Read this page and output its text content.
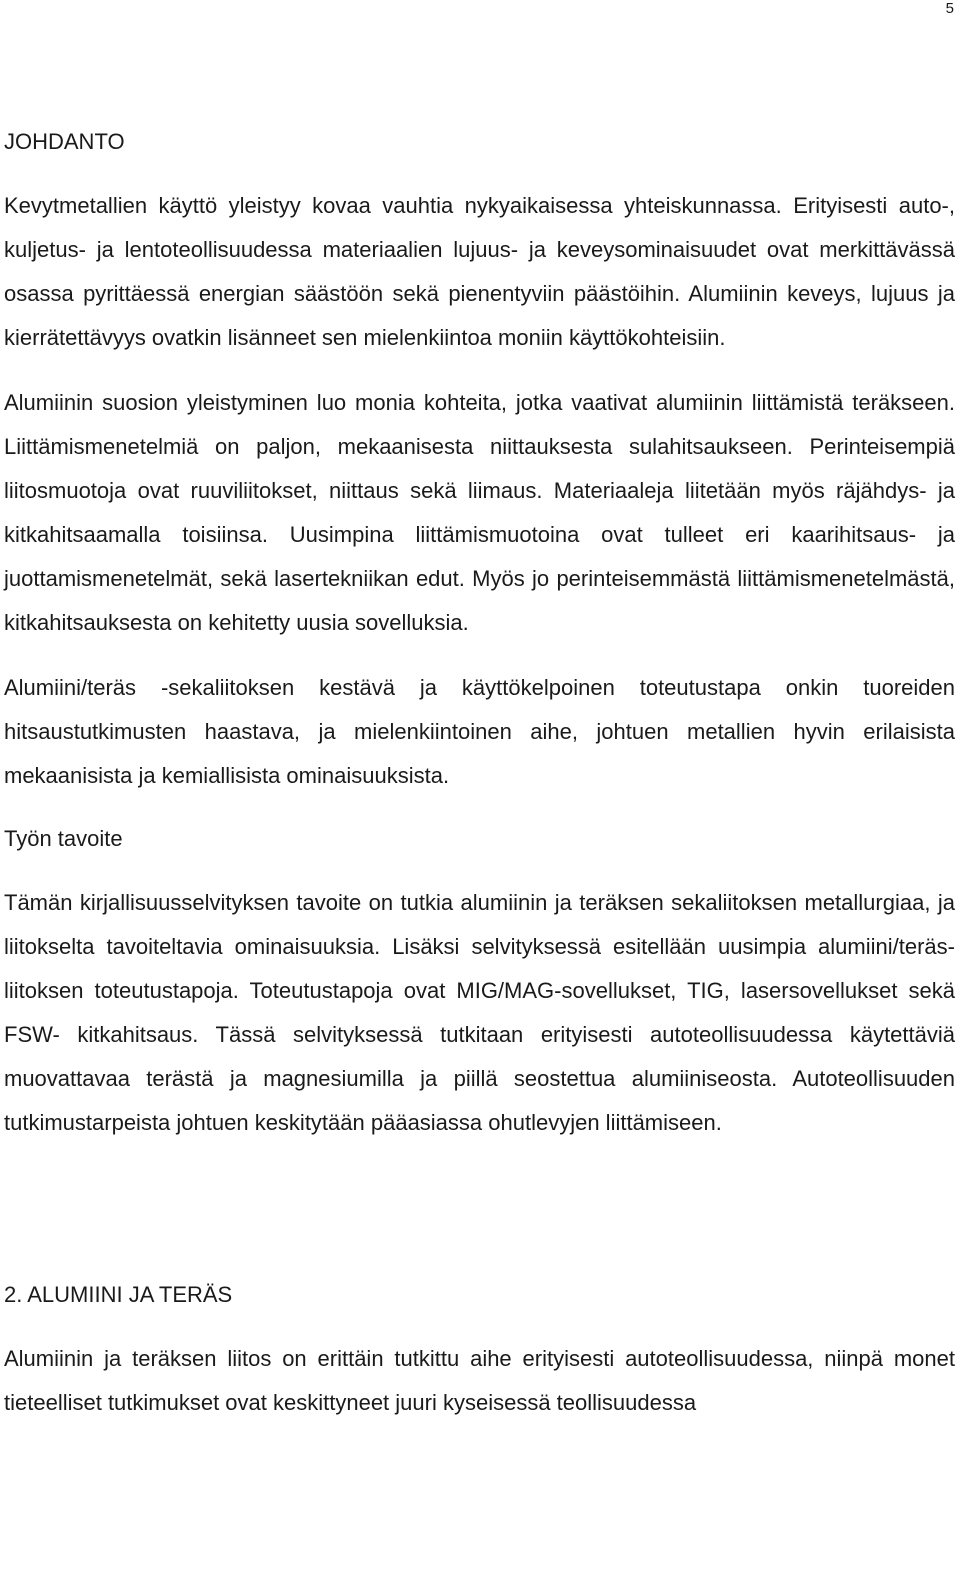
5
JOHDANTO

Kevytmetallien käyttö yleistyy kovaa vauhtia nykyaikaisessa yhteiskunnassa. Erityisesti auto-, kuljetus- ja lentoteollisuudessa materiaalien lujuus- ja keveysominaisuudet ovat merkittävässä osassa pyrittäessä energian säästöön sekä pienentyviin päästöihin. Alumiinin keveys, lujuus ja kierrätettävyys ovatkin lisänneet sen mielenkiintoa moniin käyttökohteisiin.

Alumiinin suosion yleistyminen luo monia kohteita, jotka vaativat alumiinin liittämistä teräkseen. Liittämismenetelmiä on paljon, mekaanisesta niittauksesta sulahitsaukseen. Perinteisempiä liitosmuotoja ovat ruuviliitokset, niittaus sekä liimaus. Materiaaleja liitetään myös räjähdys- ja kitkahitsaamalla toisiinsa. Uusimpina liittämismuotoina ovat tulleet eri kaarihitsaus- ja juottamismenetelmät, sekä lasertekniikan edut. Myös jo perinteisemmästä liittämismenetelmästä, kitkahitsauksesta on kehitetty uusia sovelluksia.

Alumiini/teräs -sekaliitoksen kestävä ja käyttökelpoinen toteutustapa onkin tuoreiden hitsaustutkimusten haastava, ja mielenkiintoinen aihe, johtuen metallien hyvin erilaisista mekaanisista ja kemiallisista ominaisuuksista.

Työn tavoite

Tämän kirjallisuusselvityksen tavoite on tutkia alumiinin ja teräksen sekaliitoksen metallurgiaa, ja liitokselta tavoiteltavia ominaisuuksia. Lisäksi selvityksessä esitellään uusimpia alumiini/teräs-liitoksen toteutustapoja. Toteutustapoja ovat MIG/MAG-sovellukset, TIG, lasersovellukset sekä FSW- kitkahitsaus. Tässä selvityksessä tutkitaan erityisesti autoteollisuudessa käytettäviä muovattavaa terästä ja magnesiumilla ja piillä seostettua alumiiniseosta. Autoteollisuuden tutkimustarpeista johtuen keskitytään pääasiassa ohutlevyjen liittämiseen.

2. ALUMIINI JA TERÄS

Alumiinin ja teräksen liitos on erittäin tutkittu aihe erityisesti autoteollisuudessa, niinpä monet tieteelliset tutkimukset ovat keskittyneet juuri kyseisessä teollisuudessa
